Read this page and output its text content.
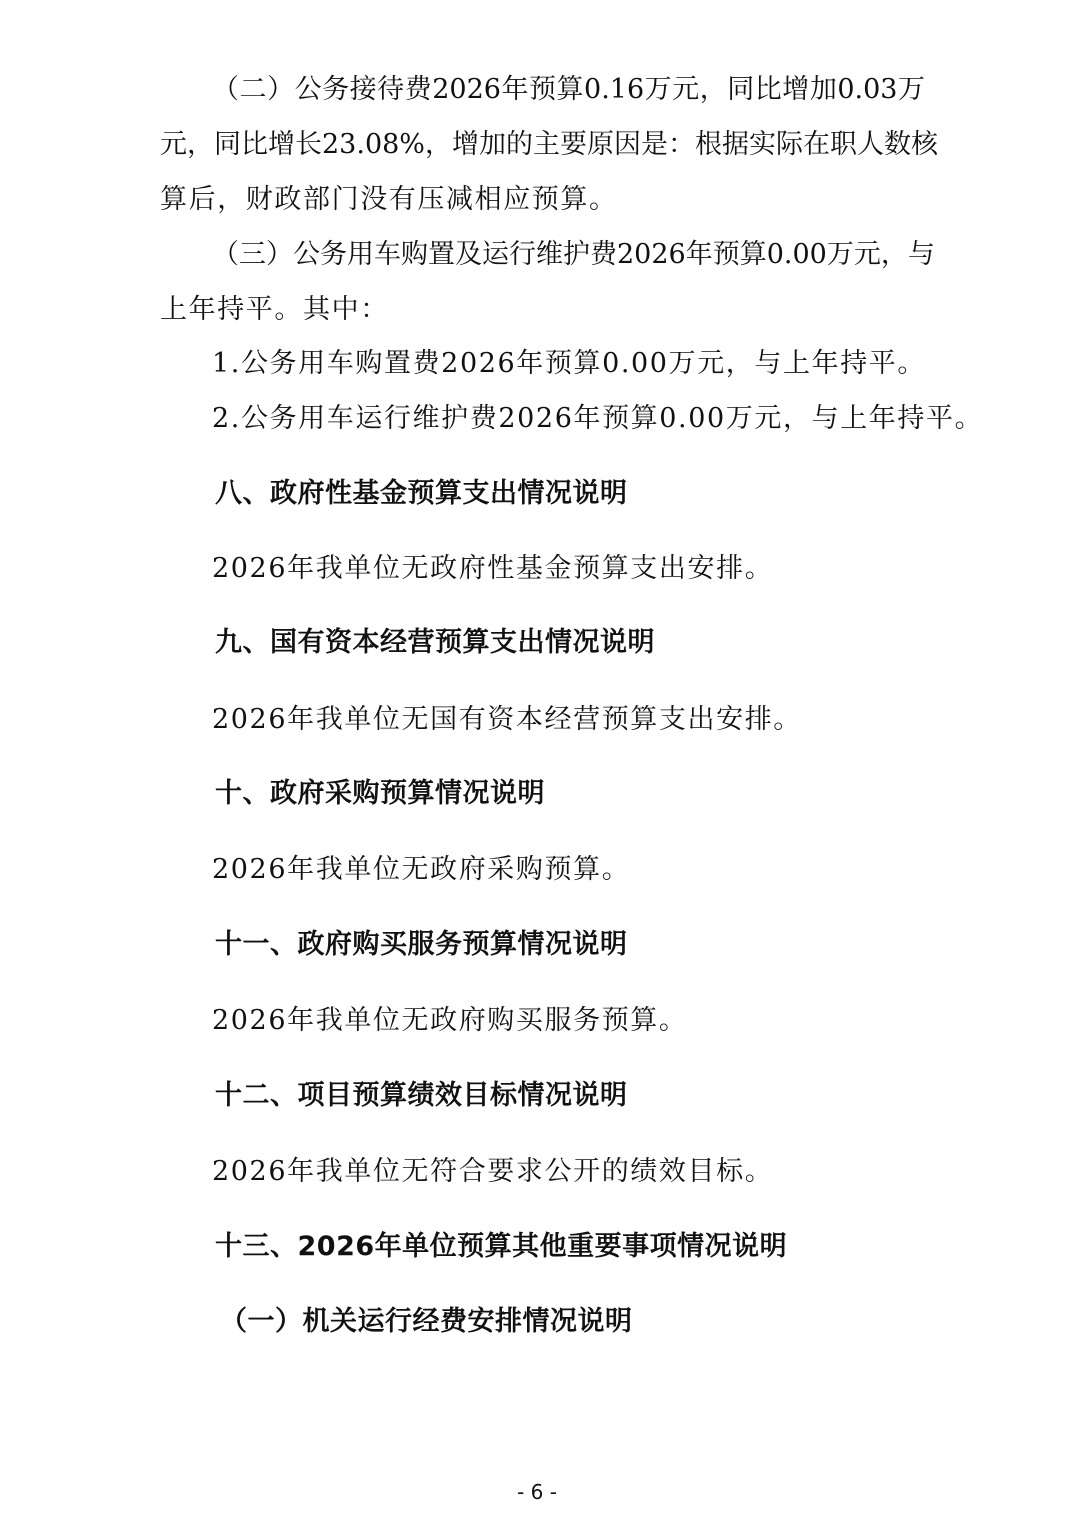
（二）公务接待费2026年预算0.16万元，同比增加0.03万
元，同比增长23.08%，增加的主要原因是：根据实际在职人数核
算后，财政部门没有压减相应预算。
（三）公务用车购置及运行维护费2026年预算0.00万元，与
上年持平。其中：
1.公务用车购置费2026年预算0.00万元，与上年持平。
2.公务用车运行维护费2026年预算0.00万元，与上年持平。
八、政府性基金预算支出情况说明
2026年我单位无政府性基金预算支出安排。
九、国有资本经营预算支出情况说明
2026年我单位无国有资本经营预算支出安排。
十、政府采购预算情况说明
2026年我单位无政府采购预算。
十一、政府购买服务预算情况说明
2026年我单位无政府购买服务预算。
十二、项目预算绩效目标情况说明
2026年我单位无符合要求公开的绩效目标。
十三、2026年单位预算其他重要事项情况说明
（一）机关运行经费安排情况说明
- 6 -
